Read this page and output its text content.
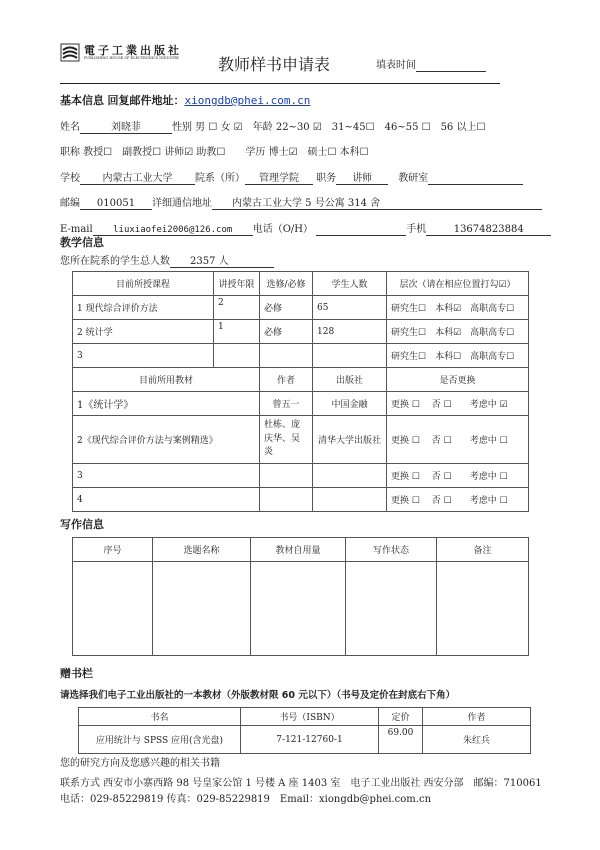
電子工業出版社
PUBLISHING HOUSE OF ELECTRONICS INDUSTRY 教师样书申请表	填表时间
基本信息 回复邮件地址：xiongdb@phei.com.cn
姓名	刘晓菲	性别 男 ☐ 女 ☑　 年龄 22~30 ☑　31~45☐　46~55 ☐　56 以上☐
职称 教授☐　副教授☐ 讲师☑ 助教☐　　学历 博士☑　硕士☐ 本科☐
学校 内蒙古工业大学 院系（所） 管理学院 职务 讲师　	教研室
邮编 010051 详细通信地址 内蒙古工业大学 5 号公寓 314 舍
E-mail liuxiaofei2006@126.com 电话（O/H）	手机	13674823884
教学信息
您所在院系的学生总人数 2357 人
目前所授课程	讲授年限	选修/必修	学生人数	层次（请在相应位置打勾☑）
1 现代综合评价方法	2	必修	65	研究生☐　本科☑　高职高专☐
2 统计学	1	必修	128	研究生☐　本科☑　高职高专☐
3				研究生☐　本科☐　高职高专☐
目前所用教材		作者	出版社	是否更换
1《统计学》		曾五一	中国金融	更换 ☐　 否 ☐　　考虑中 ☑
2《现代综合评价方法与案例精选》		杜栋、庞庆华、吴炎	清华大学出版社	更换 ☐　 否 ☐　　考虑中 ☐
3				更换 ☐　 否 ☐　　考虑中 ☐
4				更换 ☐　 否 ☐　　考虑中 ☐
写作信息
序号	选题名称	教材自用量	写作状态	备注

赠书栏
请选择我们电子工业出版社的一本教材（外版教材限 60 元以下）（书号及定价在封底右下角）
书名	书号（ISBN）	定价	作者
应用统计与 SPSS 应用(含光盘)	7-121-12760-1	69.00	朱红兵
您的研究方向及您感兴趣的相关书籍
联系方式 西安市小寨西路 98 号皇家公馆 1 号楼 A 座 1403 室　电子工业出版社 西安分部　邮编：710061
电话：029-85229819 传真：029-85229819　Email：xiongdb@phei.com.cn
